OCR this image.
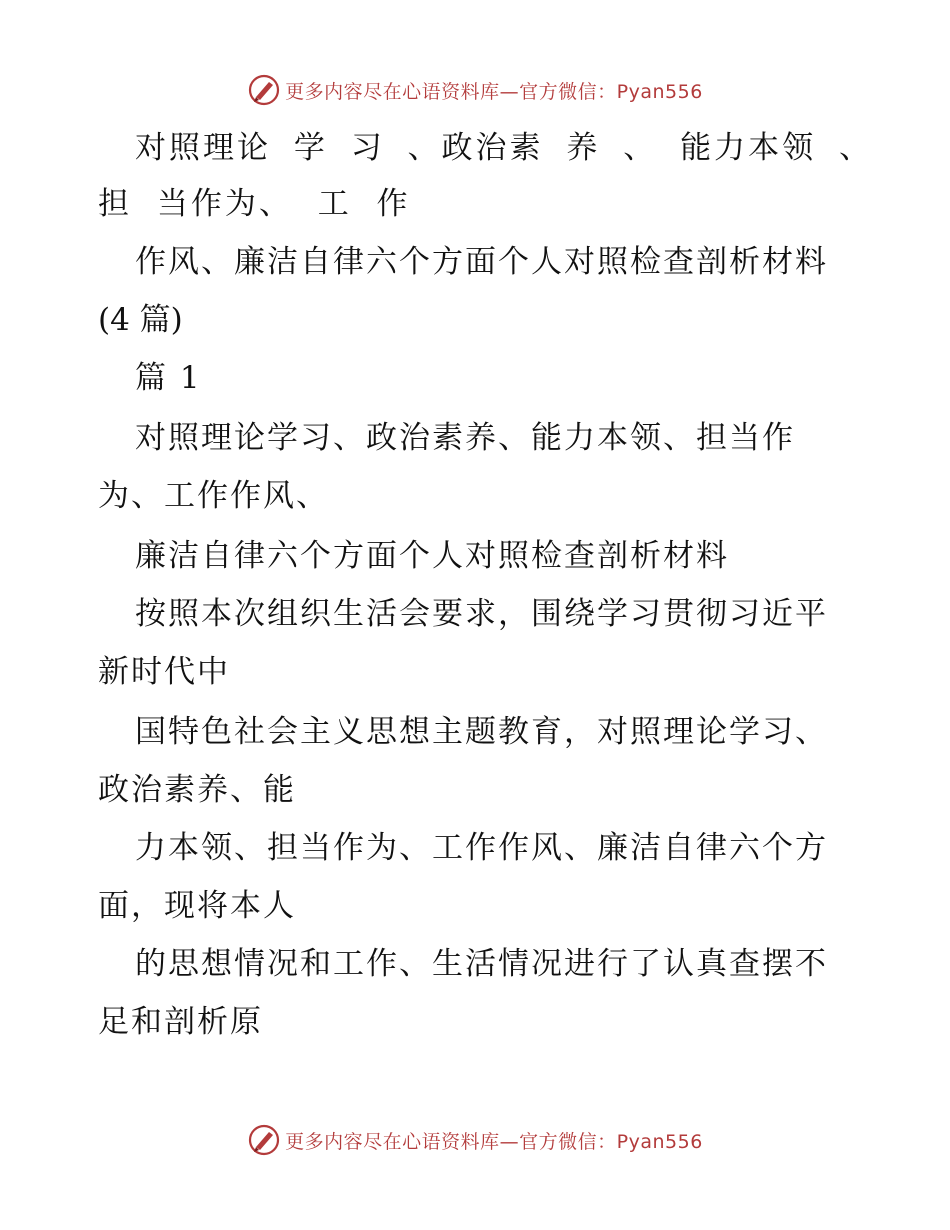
更多内容尽在心语资料库—官方微信：Pyan556
对照理论 学 习 、政治素 养 、 能力本领 、
担 当作为、 工 作
作风、廉洁自律六个方面个人对照检查剖析材料
(4 篇)
篇 1
对照理论学习、政治素养、能力本领、担当作
为、工作作风、
廉洁自律六个方面个人对照检查剖析材料
按照本次组织生活会要求，围绕学习贯彻习近平
新时代中
国特色社会主义思想主题教育，对照理论学习、
政治素养、能
力本领、担当作为、工作作风、廉洁自律六个方
面，现将本人
的思想情况和工作、生活情况进行了认真查摆不
足和剖析原
更多内容尽在心语资料库—官方微信：Pyan556
